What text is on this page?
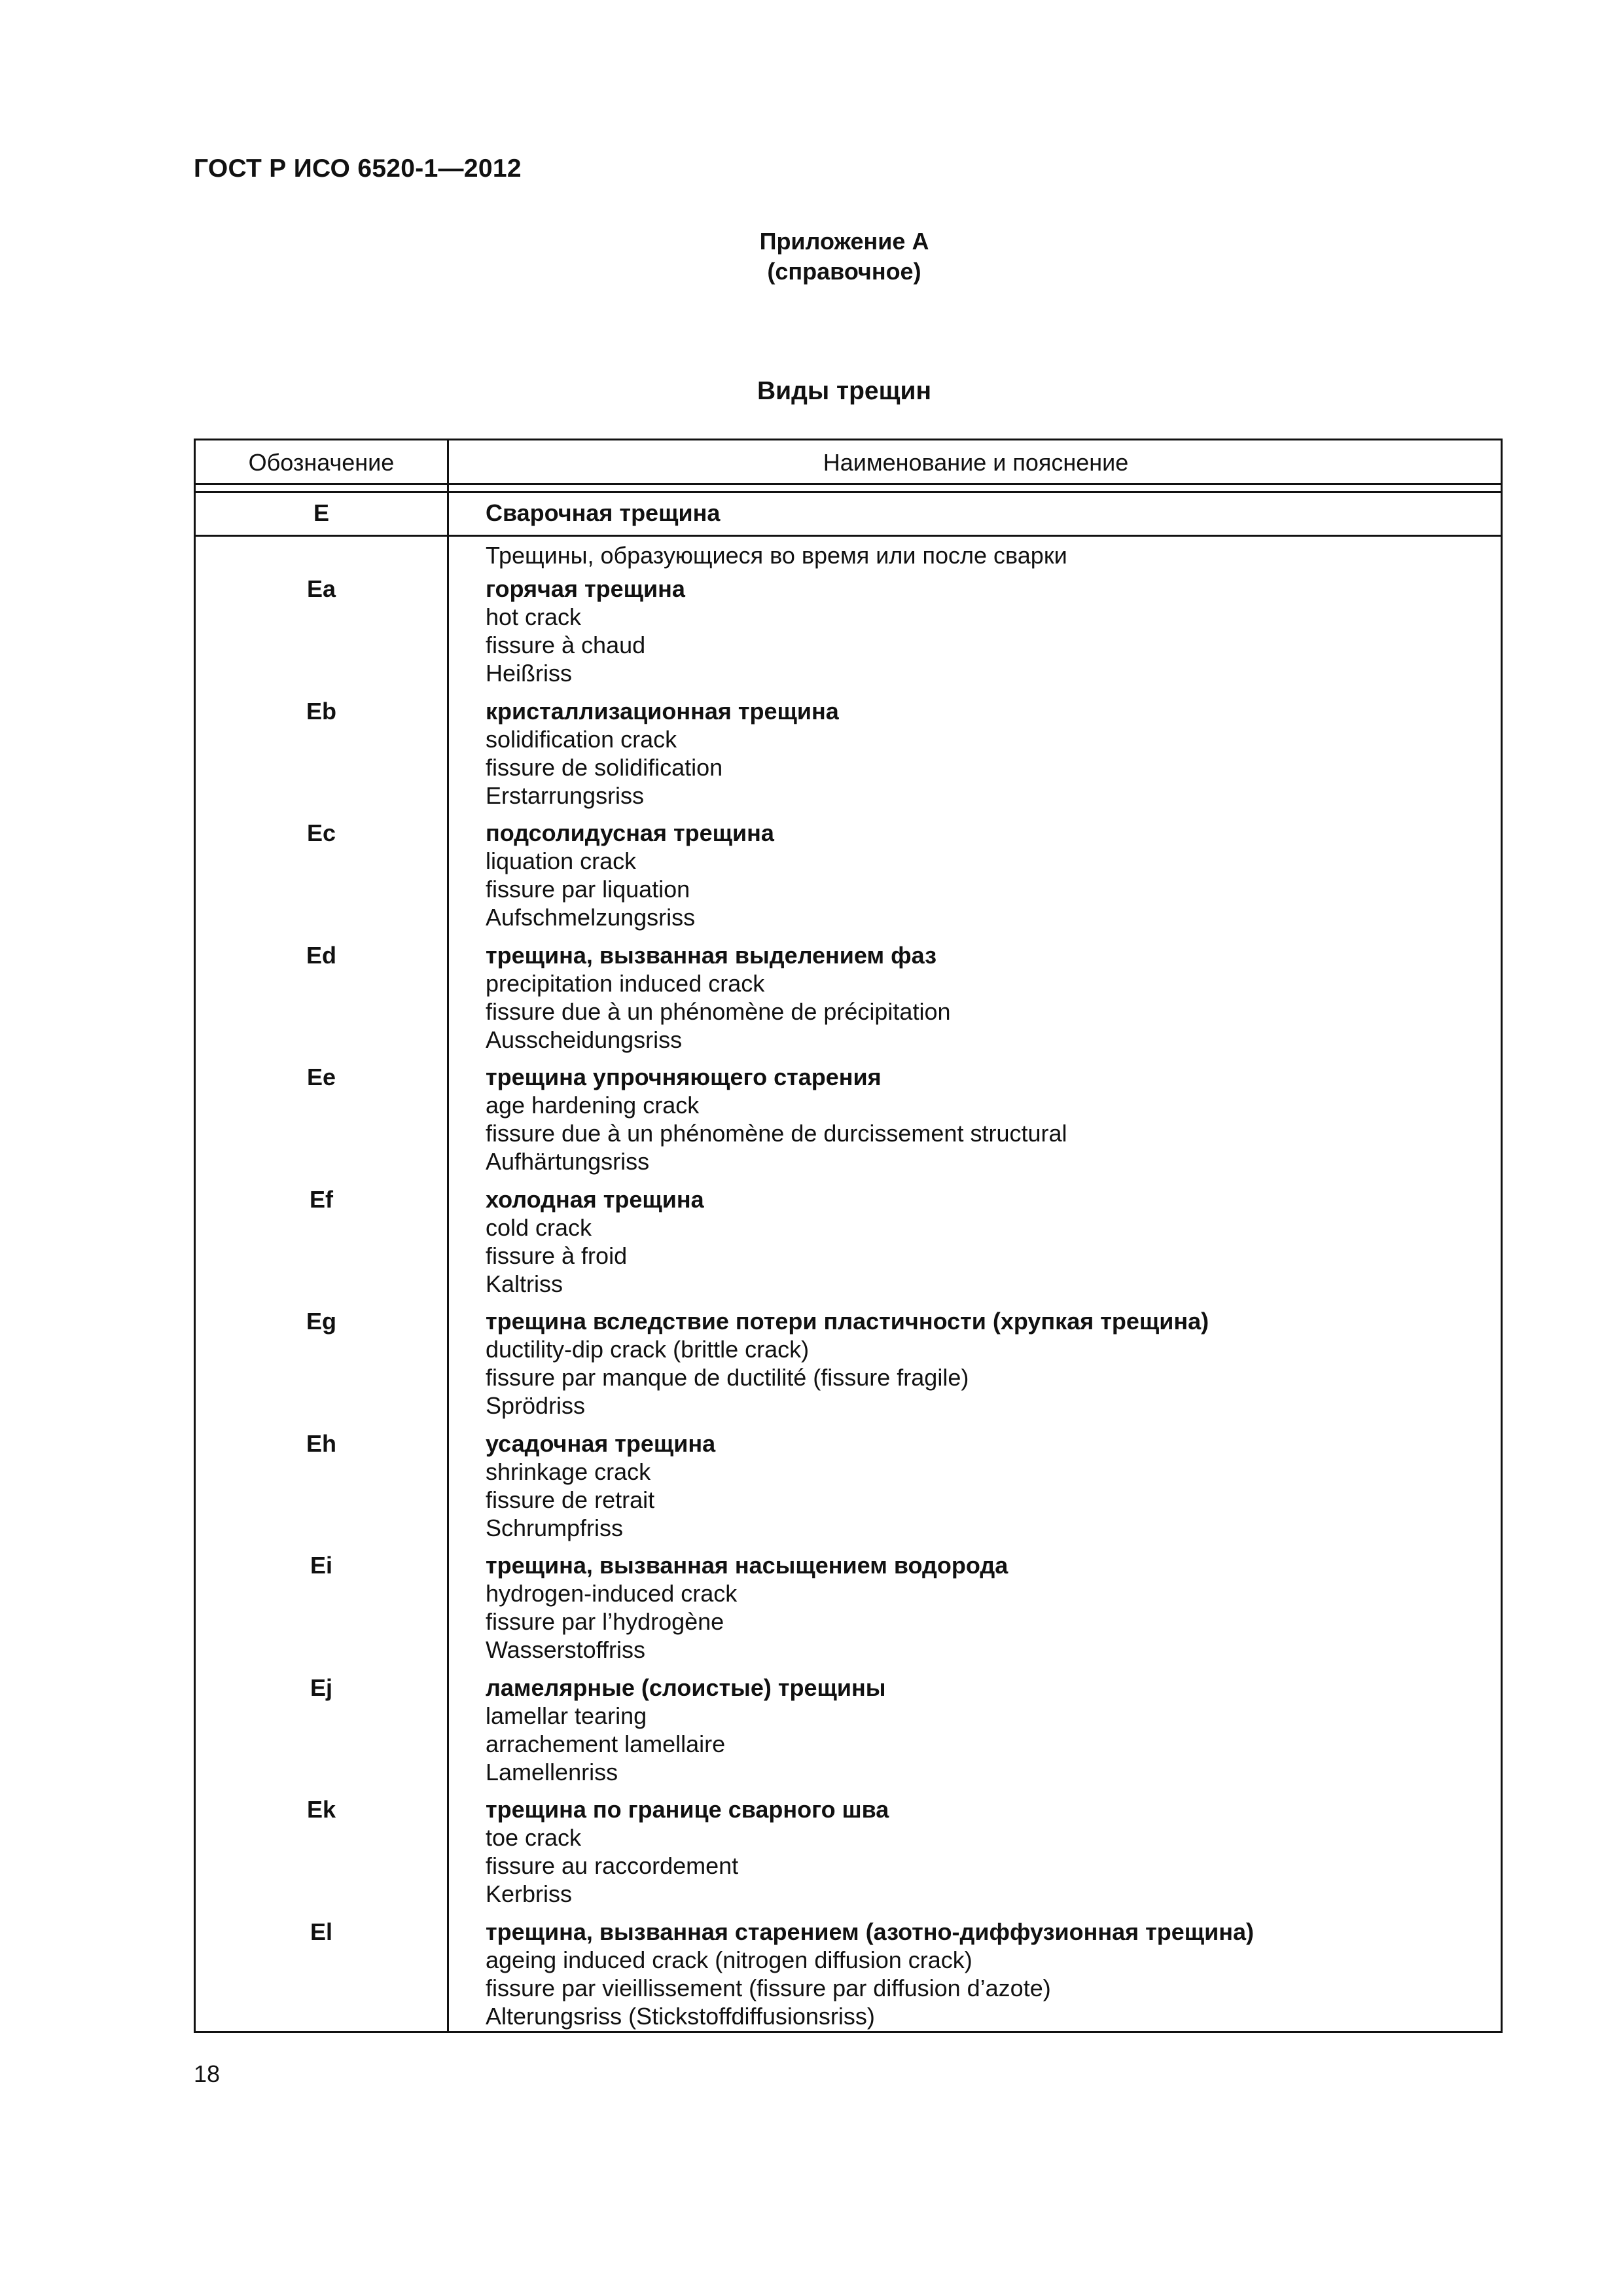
ГОСТ Р ИСО 6520-1—2012
Приложение А
(справочное)
Виды трещин
Обозначение	Наименование и пояснение
E	Сварочная трещина
Трещины, образующиеся во время или после сварки
Ea	горячая трещина
hot crack
fissure à chaud
Heißriss
Eb	кристаллизационная трещина
solidification crack
fissure de solidification
Erstarrungsriss
Ec	подсолидусная трещина
liquation crack
fissure par liquation
Aufschmelzungsriss
Ed	трещина, вызванная выделением фаз
precipitation induced crack
fissure due à un phénomène de précipitation
Ausscheidungsriss
Ee	трещина упрочняющего старения
age hardening crack
fissure due à un phénomène de durcissement structural
Aufhärtungsriss
Ef	холодная трещина
cold crack
fissure à froid
Kaltriss
Eg	трещина вследствие потери пластичности (хрупкая трещина)
ductility-dip crack (brittle crack)
fissure par manque de ductilité (fissure fragile)
Sprödriss
Eh	усадочная трещина
shrinkage crack
fissure de retrait
Schrumpfriss
Ei	трещина, вызванная насыщением водорода
hydrogen-induced crack
fissure par l’hydrogène
Wasserstoffriss
Ej	ламелярные (слоистые) трещины
lamellar tearing
arrachement lamellaire
Lamellenriss
Ek	трещина по границе сварного шва
toe crack
fissure au raccordement
Kerbriss
El	трещина, вызванная старением (азотно-диффузионная трещина)
ageing induced crack (nitrogen diffusion crack)
fissure par vieillissement (fissure par diffusion d’azote)
Alterungsriss (Stickstoffdiffusionsriss)
18
